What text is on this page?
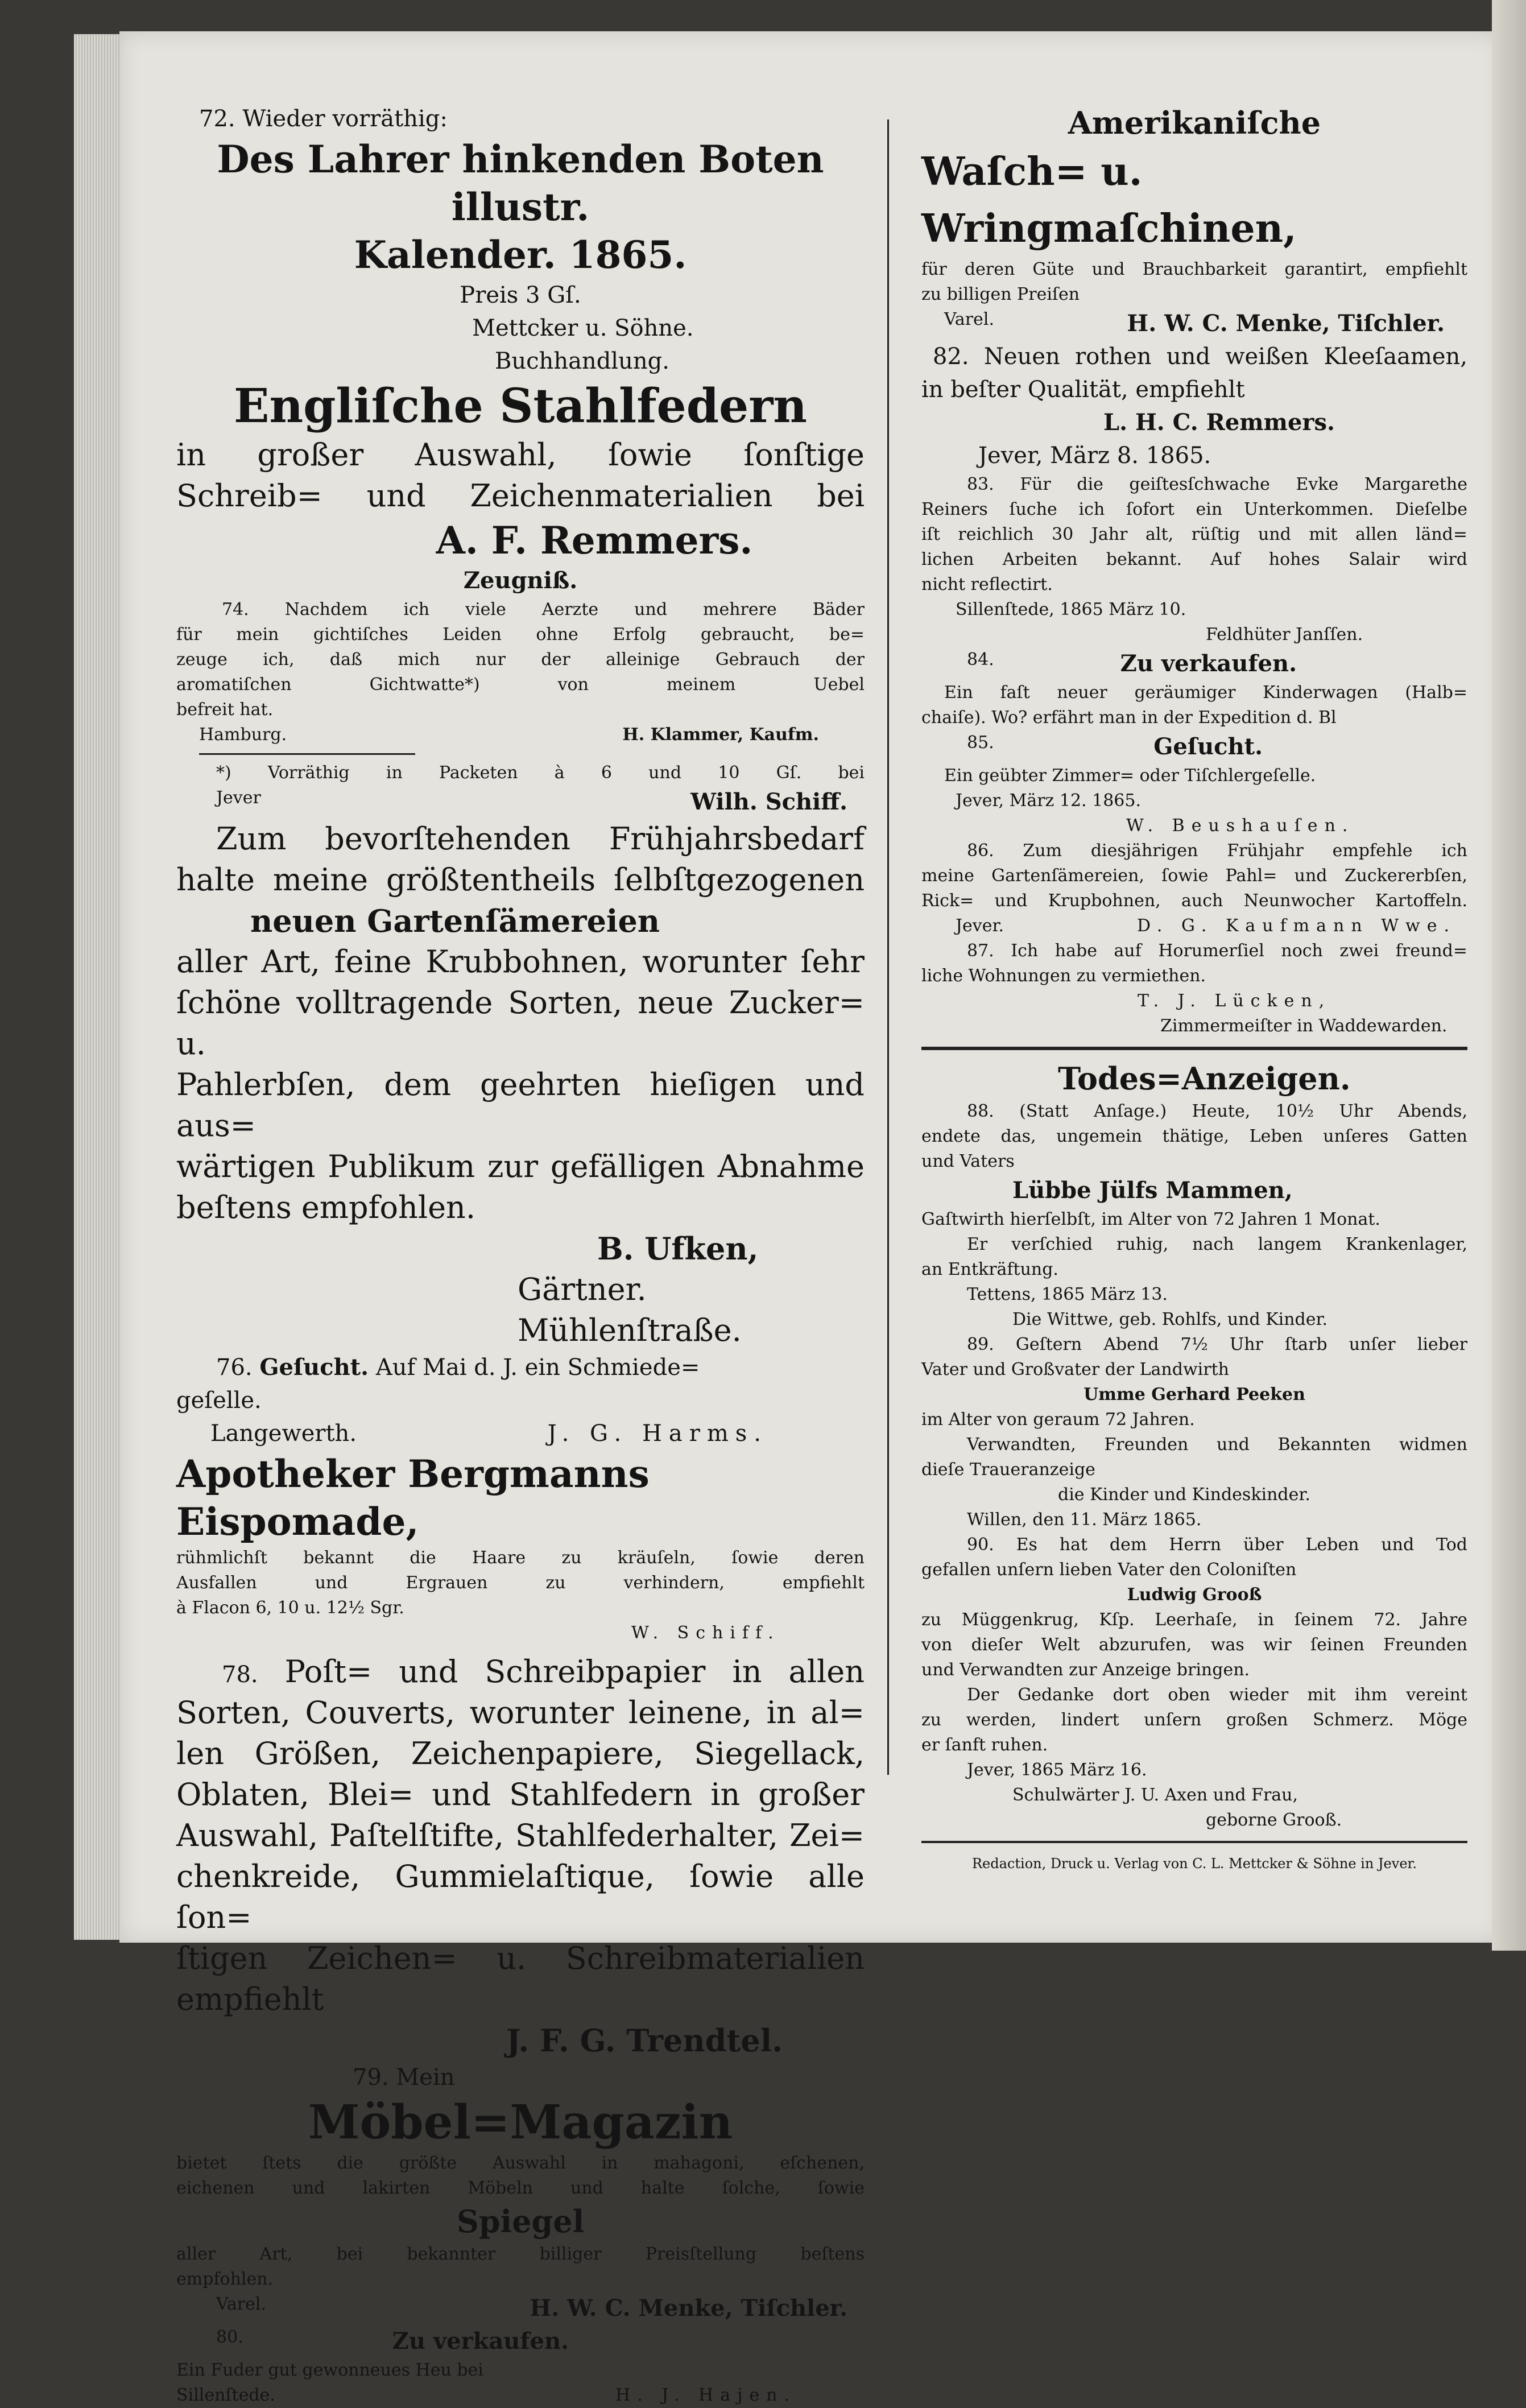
72. Wieder vorräthig:

Des Lahrer hinkenden Boten illustr.

Kalender. 1865.

Preis 3 Gſ.

Mettcker u. Söhne.

Buchhandlung.

Engliſche Stahlfedern

in großer Auswahl, ſowie ſonſtige

Schreib= und Zeichenmaterialien bei

A. F. Remmers.

Zeugniß.

74. Nachdem ich viele Aerzte und mehrere Bäder

für mein gichtiſches Leiden ohne Erfolg gebraucht, be=

zeuge ich, daß mich nur der alleinige Gebrauch der

aromatiſchen Gichtwatte*) von meinem Uebel

befreit hat.

Hamburg.	H. Klammer, Kaufm.

*) Vorräthig in Packeten à 6 und 10 Gſ. bei

Jever	Wilh. Schiff.

Zum bevorſtehenden Frühjahrsbedarf

halte meine größtentheils ſelbſtgezogenen

neuen Gartenſämereien

aller Art, feine Krubbohnen, worunter ſehr

ſchöne volltragende Sorten, neue Zucker= u.

Pahlerbſen, dem geehrten hieſigen und aus=

wärtigen Publikum zur gefälligen Abnahme

beſtens empfohlen.

B. Ufken,

Gärtner. Mühlenſtraße.

76. Geſucht. Auf Mai d. J. ein Schmiede=

geſelle.

Langewerth.	J. G. Harms.

Apotheker Bergmanns Eispomade,

rühmlichſt bekannt die Haare zu kräuſeln, ſowie deren

Ausfallen und Ergrauen zu verhindern, empfiehlt

à Flacon 6, 10 u. 12½ Sgr.

W. Schiff.

78. Poſt= und Schreibpapier in allen

Sorten, Couverts, worunter leinene, in al=

len Größen, Zeichenpapiere, Siegellack,

Oblaten, Blei= und Stahlfedern in großer

Auswahl, Paſtelſtifte, Stahlfederhalter, Zei=

chenkreide, Gummielaſtique, ſowie alle ſon=

ſtigen Zeichen= u. Schreibmaterialien empfiehlt

J. F. G. Trendtel.

79. Mein

Möbel=Magazin

bietet ſtets die größte Auswahl in mahagoni, eſchenen,

eichenen und lakirten Möbeln und halte ſolche, ſowie

Spiegel

aller Art, bei bekannter billiger Preisſtellung beſtens

empfohlen.

Varel.	H. W. C. Menke, Tiſchler.
80.	Zu verkaufen.

Ein Fuder gut gewonneues Heu bei

Sillenſtede.	H. J. Hajen.

Amerikaniſche

Waſch= u. Wringmaſchinen,

für deren Güte und Brauchbarkeit garantirt, empfiehlt

zu billigen Preiſen

Varel.	H. W. C. Menke, Tiſchler.

82. Neuen rothen und weißen Kleeſaamen,

in beſter Qualität, empfiehlt

L. H. C. Remmers.

Jever, März 8. 1865.

83. Für die geiſtesſchwache Evke Margarethe

Reiners ſuche ich ſofort ein Unterkommen. Dieſelbe

iſt reichlich 30 Jahr alt, rüſtig und mit allen länd=

lichen Arbeiten bekannt. Auf hohes Salair wird

nicht reflectirt.

Sillenſtede, 1865 März 10.

Feldhüter Janſſen.

84.	Zu verkaufen.

Ein faſt neuer geräumiger Kinderwagen (Halb=

chaiſe). Wo? erfährt man in der Expedition d. Bl

85.	Geſucht.

Ein geübter Zimmer= oder Tiſchlergeſelle.

Jever, März 12. 1865.

W. Beushauſen.

86. Zum diesjährigen Frühjahr empfehle ich

meine Gartenſämereien, ſowie Pahl= und Zuckererbſen,

Rick= und Krupbohnen, auch Neunwocher Kartoffeln.

Jever.	D. G. Kaufmann Wwe.

87. Ich habe auf Horumerſiel noch zwei freund=

liche Wohnungen zu vermiethen.

T. J. Lücken,

Zimmermeiſter in Waddewarden.

Todes=Anzeigen.

88. (Statt Anſage.) Heute, 10½ Uhr Abends,

endete das, ungemein thätige, Leben unſeres Gatten

und Vaters

Lübbe Jülfs Mammen,

Gaſtwirth hierſelbſt, im Alter von 72 Jahren 1 Monat.

Er verſchied ruhig, nach langem Krankenlager,

an Entkräftung.

Tettens, 1865 März 13.

Die Wittwe, geb. Rohlfs, und Kinder.

89. Geſtern Abend 7½ Uhr ſtarb unſer lieber

Vater und Großvater der Landwirth

Umme Gerhard Peeken

im Alter von geraum 72 Jahren.

Verwandten, Freunden und Bekannten widmen

dieſe Traueranzeige

die Kinder und Kindeskinder.

Willen, den 11. März 1865.

90. Es hat dem Herrn über Leben und Tod

gefallen unſern lieben Vater den Coloniſten

Ludwig Grooß

zu Müggenkrug, Kſp. Leerhaſe, in ſeinem 72. Jahre

von dieſer Welt abzurufen, was wir ſeinen Freunden

und Verwandten zur Anzeige bringen.

Der Gedanke dort oben wieder mit ihm vereint

zu werden, lindert unſern großen Schmerz. Möge

er ſanft ruhen.

Jever, 1865 März 16.

Schulwärter J. U. Axen und Frau,

geborne Grooß.

Redaction, Druck u. Verlag von C. L. Mettcker & Söhne in Jever.
